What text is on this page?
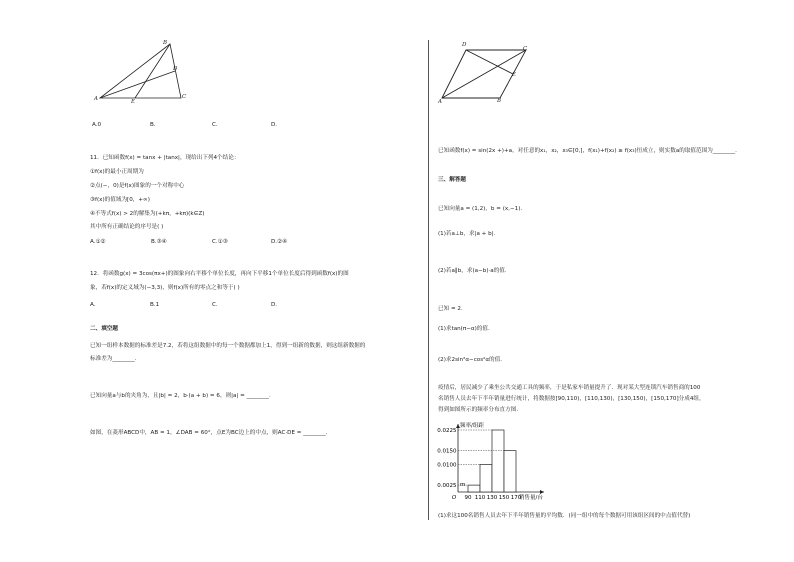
B
D
A	E
C
A.0	B.	C.	D.
11．已知函数f(x) = tanx + |tanx|，现给出下列4个结论：
①f(x)的最小正周期为
②点(−，0)是f(x)图象的一个对称中心
③f(x)的值域为[0，+∞)
④不等式f(x) > 2的解集为(+kπ，+kπ)(k∈Z)
其中所有正确结论的序号是( )
A.①②	B.③④	C.①③	D.②④
12．将函数g(x) = 3cos(πx+)的图象向右平移个单位长度，再向下平移1个单位长度后得到函数f(x)的图
象，若f(x)的定义域为(−3,3)，则f(x)所有的零点之和等于( )
A.	B.1	C.	D.
二、填空题
已知一组样本数据的标准差是7.2，若将这组数据中的每一个数据都加上1，得到一组新的数据，则这组新数据的
标准差为________.
已知向量a与b的夹角为，且|b| = 2，b·(a + b) = 6，则|a| = ________.
如图，在菱形ABCD中，AB = 1，∠DAB = 60°，点E为BC边上的中点，则AC·DE = ________.
D
C
E
A	B
已知函数f(x) = sin(2x +)+a，对任意的x₁，x₂，x₃∈[0,]，f(x₁)+f(x₂) ≥ f(x₃)恒成立，则实数a的取值范围为________.
三、解答题
已知向量a = (1,2)，b = (x,−1).
(1)若a⊥b，求|a + b|.
(2)若a∥b，求(a−b)·a的值.
已知 = 2.
(1)求tan(π−α)的值.
(2)求2sin²α−cos²α的值.
疫情后，居民减少了乘坐公共交通工具的频率，于是私家车销量提升了．现对某大型连锁汽车销售商的100
名销售人员去年下半年销量进行统计，将数据按[90,110)，[110,130)，[130,150)，[150,170]分成4组，
得到如图所示的频率分布直方图.
0.0225
0.0150
0.0100
0.0025 m
90 110 130 150 170
O
频率/组距
销售量/台
(1)求这100名销售人员去年下半年销售量的平均数．(同一组中的每个数据可用该组区间的中点值代替)
